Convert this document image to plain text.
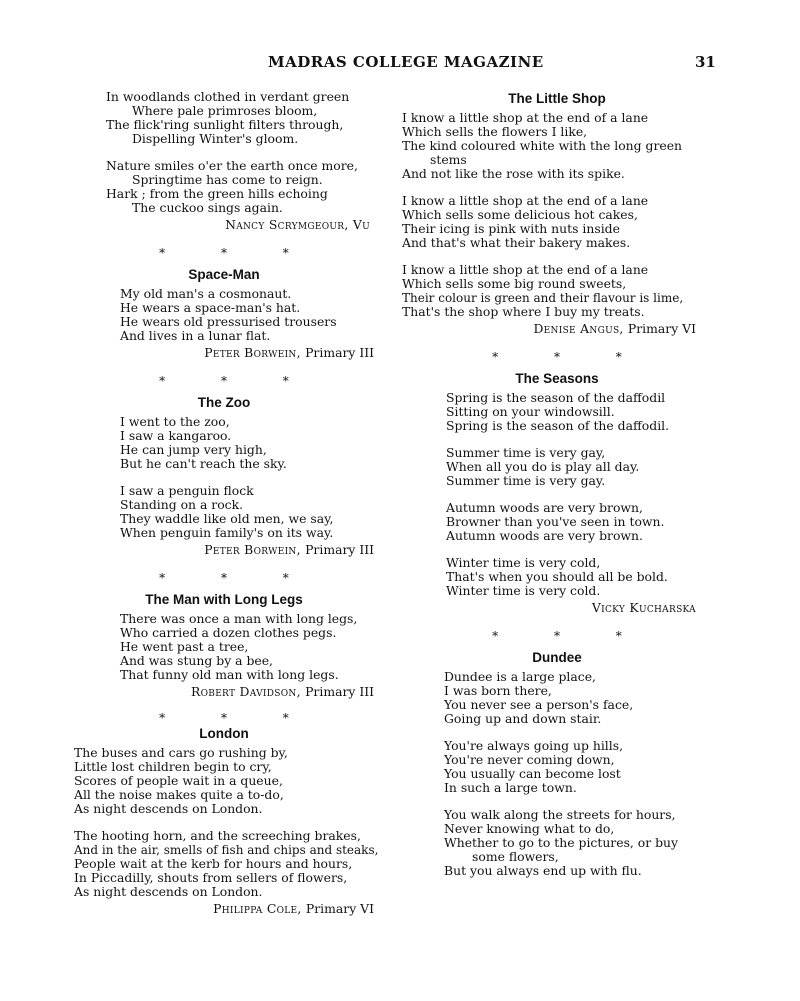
MADRAS COLLEGE MAGAZINE	31
In woodlands clothed in verdant green
Where pale primroses bloom,
The flick'ring sunlight filters through,
Dispelling Winter's gloom.
Nature smiles o'er the earth once more,
Springtime has come to reign.
Hark ; from the green hills echoing
The cuckoo sings again.
Nancy Scrymgeour, Vu
* * *
Space-Man
My old man's a cosmonaut.
He wears a space-man's hat.
He wears old pressurised trousers
And lives in a lunar flat.
Peter Borwein, Primary III
* * *
The Zoo
I went to the zoo,
I saw a kangaroo.
He can jump very high,
But he can't reach the sky.
I saw a penguin flock
Standing on a rock.
They waddle like old men, we say,
When penguin family's on its way.
Peter Borwein, Primary III
* * *
The Man with Long Legs
There was once a man with long legs,
Who carried a dozen clothes pegs.
He went past a tree,
And was stung by a bee,
That funny old man with long legs.
Robert Davidson, Primary III
* * *
London
The buses and cars go rushing by,
Little lost children begin to cry,
Scores of people wait in a queue,
All the noise makes quite a to-do,
As night descends on London.
The hooting horn, and the screeching brakes,
And in the air, smells of fish and chips and steaks,
People wait at the kerb for hours and hours,
In Piccadilly, shouts from sellers of flowers,
As night descends on London.
Philippa Cole, Primary VI
The Little Shop
I know a little shop at the end of a lane
Which sells the flowers I like,
The kind coloured white with the long green
stems
And not like the rose with its spike.
I know a little shop at the end of a lane
Which sells some delicious hot cakes,
Their icing is pink with nuts inside
And that's what their bakery makes.
I know a little shop at the end of a lane
Which sells some big round sweets,
Their colour is green and their flavour is lime,
That's the shop where I buy my treats.
Denise Angus, Primary VI
* * *
The Seasons
Spring is the season of the daffodil
Sitting on your windowsill.
Spring is the season of the daffodil.
Summer time is very gay,
When all you do is play all day.
Summer time is very gay.
Autumn woods are very brown,
Browner than you've seen in town.
Autumn woods are very brown.
Winter time is very cold,
That's when you should all be bold.
Winter time is very cold.
Vicky Kucharska
* * *
Dundee
Dundee is a large place,
I was born there,
You never see a person's face,
Going up and down stair.
You're always going up hills,
You're never coming down,
You usually can become lost
In such a large town.
You walk along the streets for hours,
Never knowing what to do,
Whether to go to the pictures, or buy
some flowers,
But you always end up with flu.
